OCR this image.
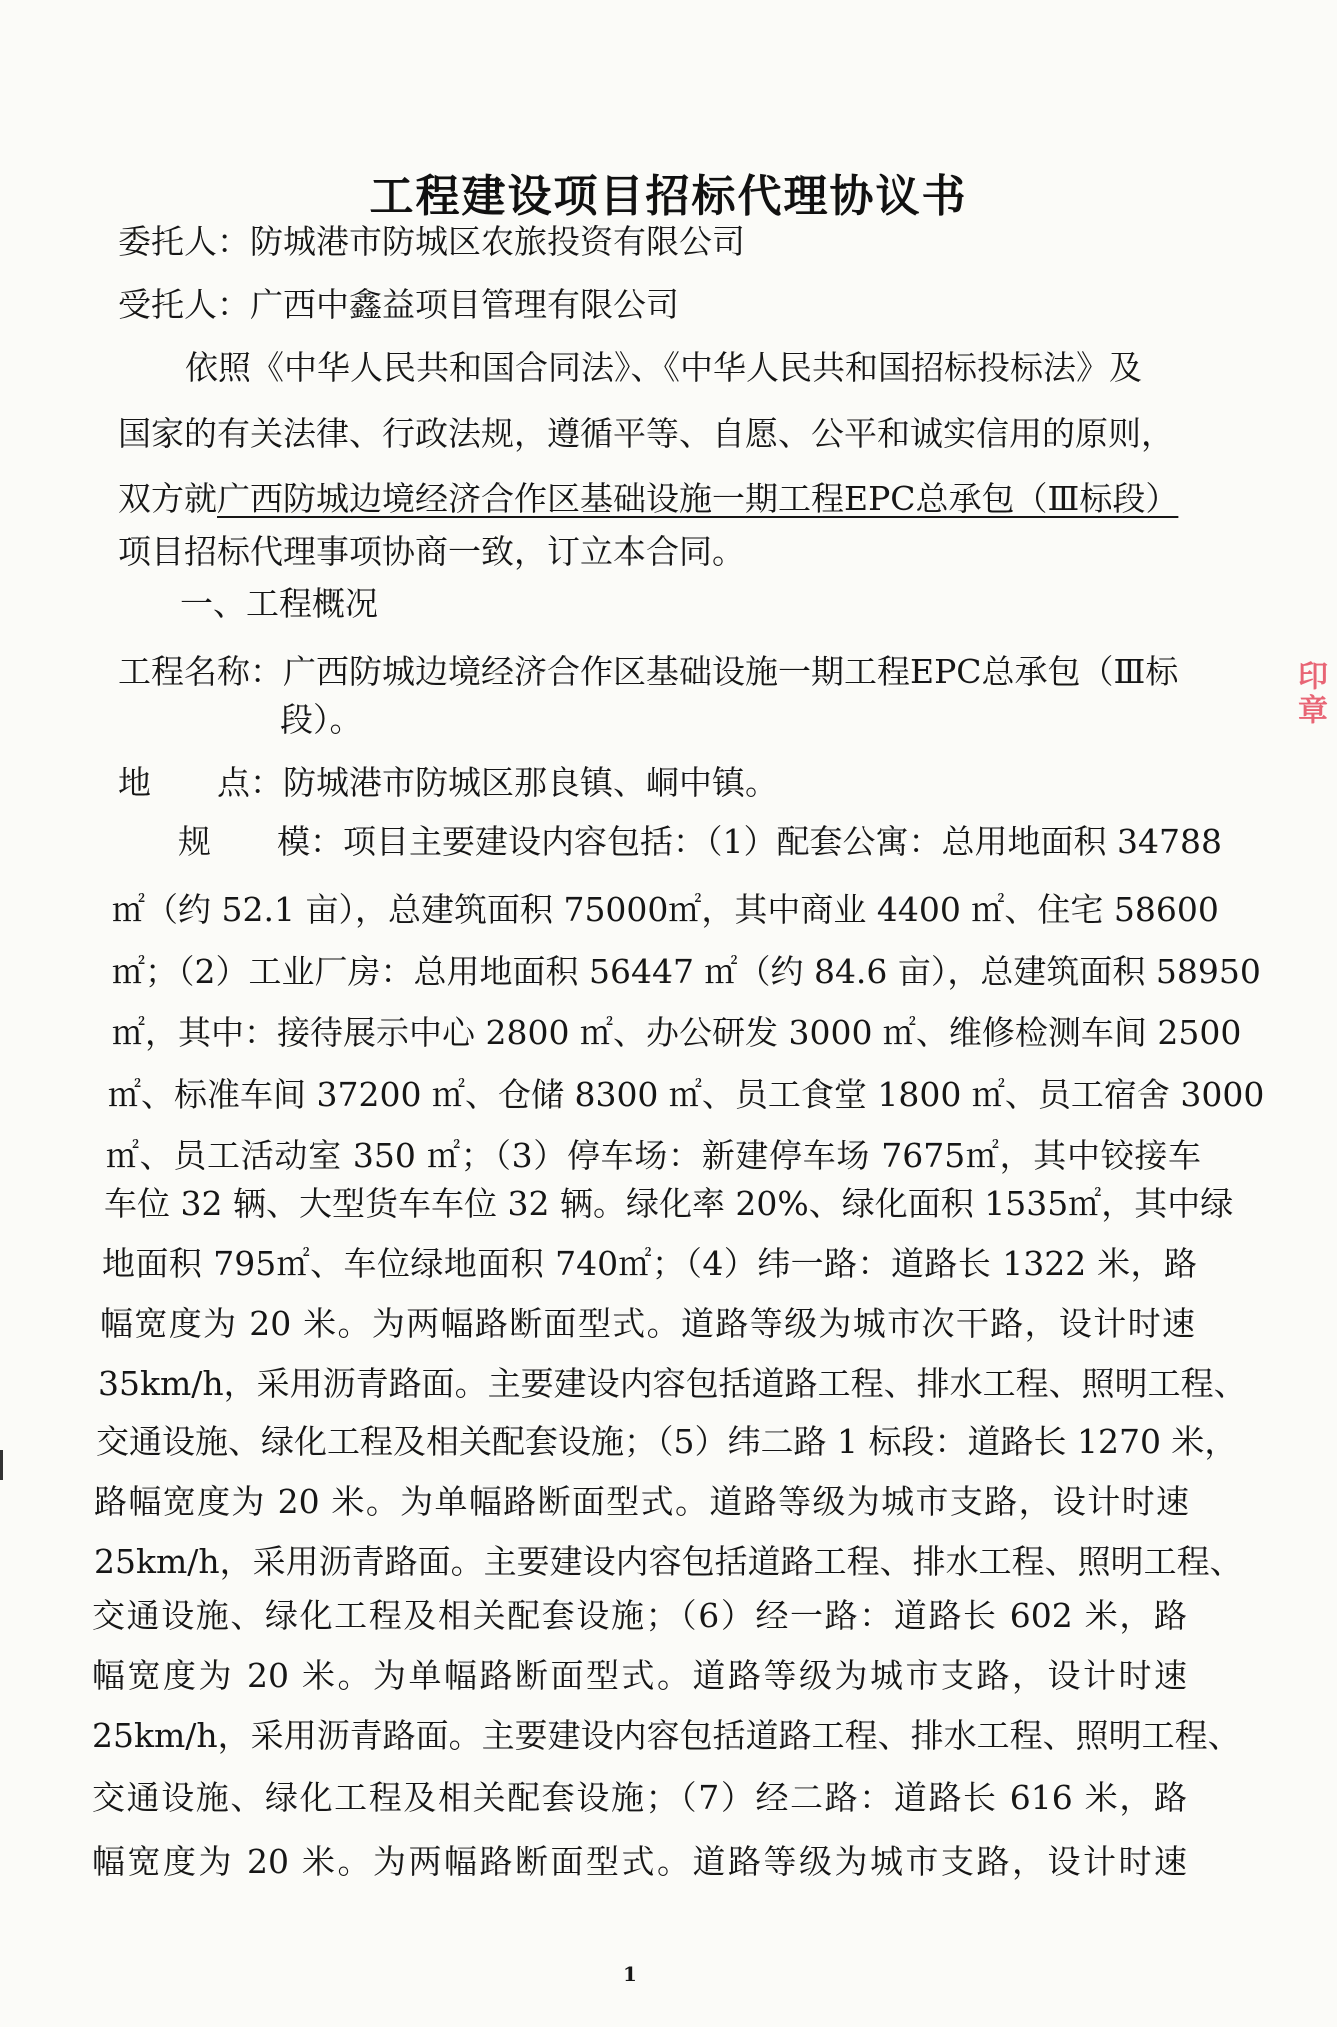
工程建设项目招标代理协议书
委托人：防城港市防城区农旅投资有限公司
受托人：广西中鑫益项目管理有限公司
依照《中华人民共和国合同法》、《中华人民共和国招标投标法》及
国家的有关法律、行政法规，遵循平等、自愿、公平和诚实信用的原则，
双方就广西防城边境经济合作区基础设施一期工程EPC总承包（Ⅲ标段）
项目招标代理事项协商一致，订立本合同。
一、工程概况
工程名称：广西防城边境经济合作区基础设施一期工程EPC总承包（Ⅲ标
段）。
地　　点：防城港市防城区那良镇、峒中镇。
规　　模：项目主要建设内容包括：（1）配套公寓：总用地面积 34788
㎡（约 52.1 亩），总建筑面积 75000㎡，其中商业 4400 ㎡、住宅 58600
㎡；（2）工业厂房：总用地面积 56447 ㎡（约 84.6 亩），总建筑面积 58950
㎡，其中：接待展示中心 2800 ㎡、办公研发 3000 ㎡、维修检测车间 2500
㎡、标准车间 37200 ㎡、仓储 8300 ㎡、员工食堂 1800 ㎡、员工宿舍 3000
㎡、员工活动室 350 ㎡；（3）停车场：新建停车场 7675㎡，其中铰接车
车位 32 辆、大型货车车位 32 辆。绿化率 20%、绿化面积 1535㎡，其中绿
地面积 795㎡、车位绿地面积 740㎡；（4）纬一路：道路长 1322 米，路
幅宽度为 20 米。为两幅路断面型式。道路等级为城市次干路，设计时速
35km/h，采用沥青路面。主要建设内容包括道路工程、排水工程、照明工程、
交通设施、绿化工程及相关配套设施；（5）纬二路 1 标段：道路长 1270 米，
路幅宽度为 20 米。为单幅路断面型式。道路等级为城市支路，设计时速
25km/h，采用沥青路面。主要建设内容包括道路工程、排水工程、照明工程、
交通设施、绿化工程及相关配套设施；（6）经一路：道路长 602 米，路
幅宽度为 20 米。为单幅路断面型式。道路等级为城市支路，设计时速
25km/h，采用沥青路面。主要建设内容包括道路工程、排水工程、照明工程、
交通设施、绿化工程及相关配套设施；（7）经二路：道路长 616 米，路
幅宽度为 20 米。为两幅路断面型式。道路等级为城市支路，设计时速
1
印章
